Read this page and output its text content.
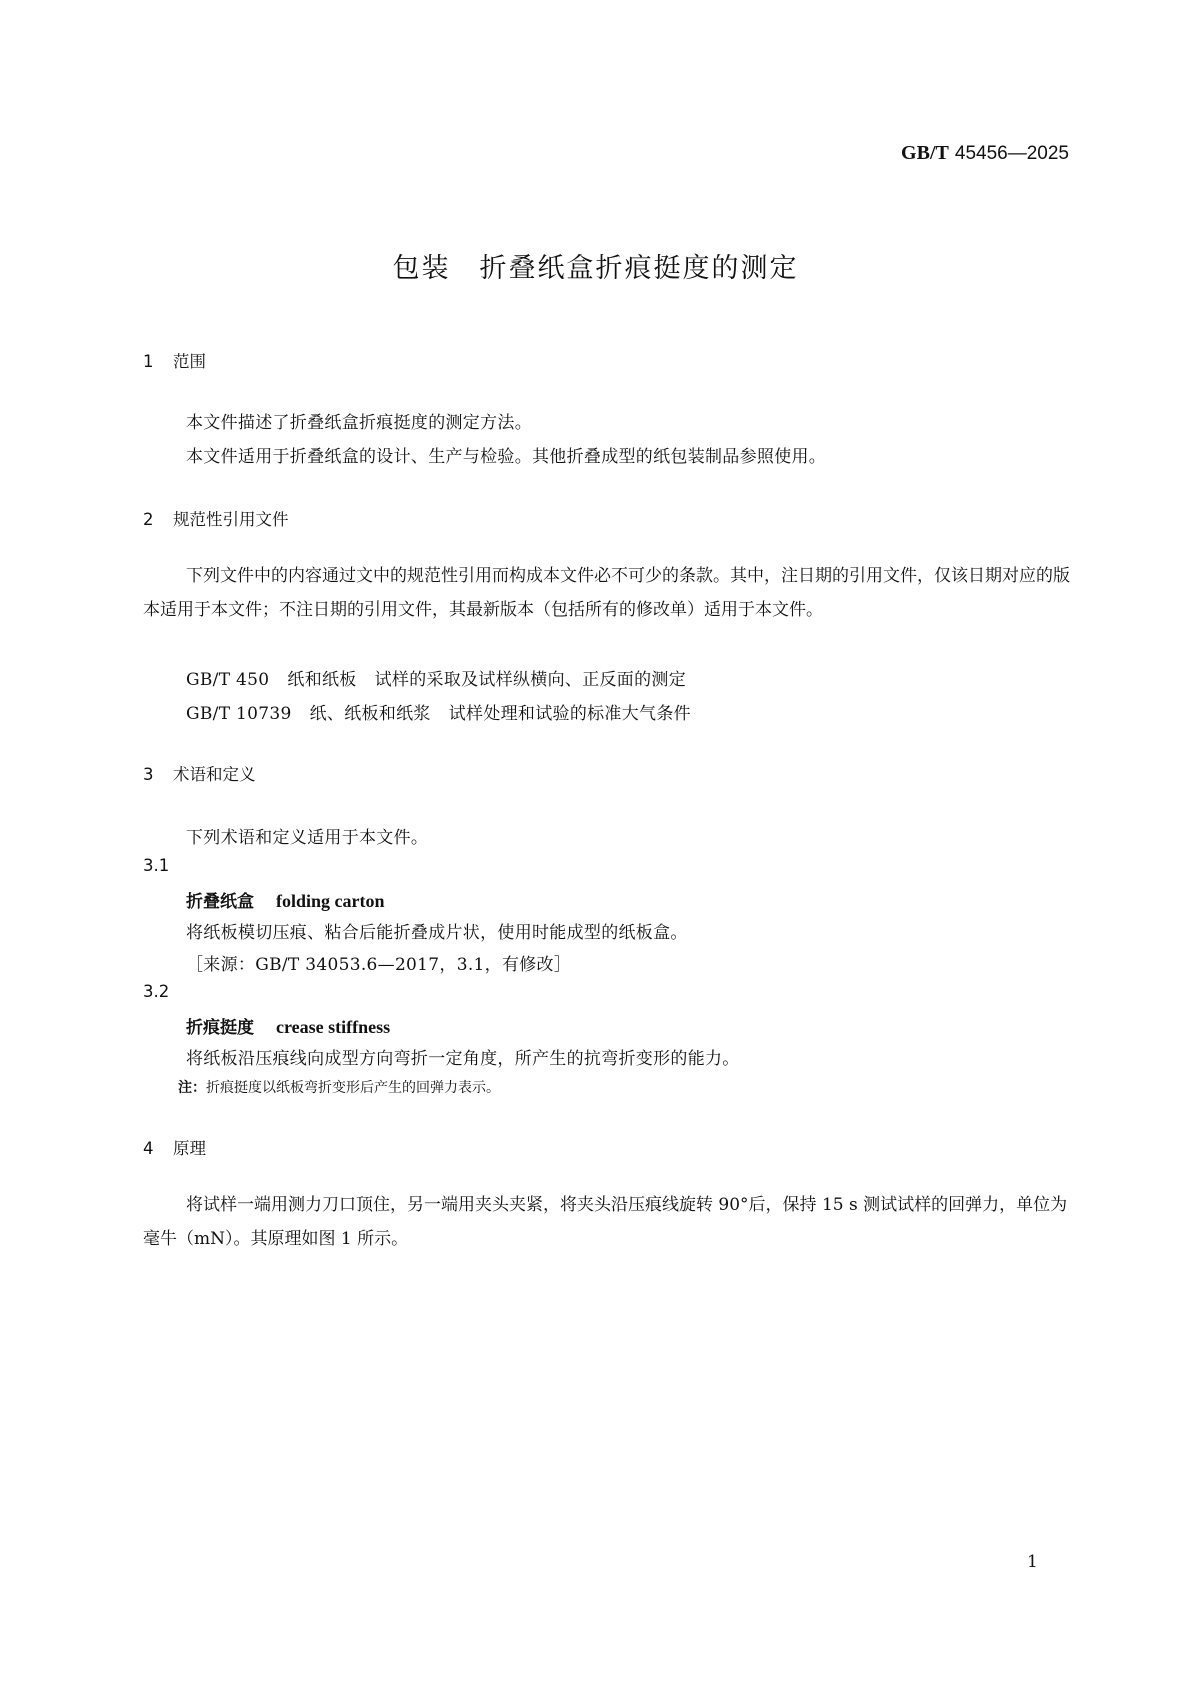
GB/T 45456—2025
包装　折叠纸盒折痕挺度的测定
1 范围
本文件描述了折叠纸盒折痕挺度的测定方法。
本文件适用于折叠纸盒的设计、生产与检验。其他折叠成型的纸包装制品参照使用。
2 规范性引用文件
下列文件中的内容通过文中的规范性引用而构成本文件必不可少的条款。其中，注日期的引用文件，仅该日期对应的版本适用于本文件；不注日期的引用文件，其最新版本（包括所有的修改单）适用于本文件。
GB/T 450 纸和纸板 试样的采取及试样纵横向、正反面的测定
GB/T 10739 纸、纸板和纸浆 试样处理和试验的标准大气条件
3 术语和定义
下列术语和定义适用于本文件。
3.1
折叠纸盒 folding carton
将纸板模切压痕、粘合后能折叠成片状，使用时能成型的纸板盒。
［来源：GB/T 34053.6—2017，3.1，有修改］
3.2
折痕挺度 crease stiffness
将纸板沿压痕线向成型方向弯折一定角度，所产生的抗弯折变形的能力。
注：折痕挺度以纸板弯折变形后产生的回弹力表示。
4 原理
将试样一端用测力刀口顶住，另一端用夹头夹紧，将夹头沿压痕线旋转 90°后，保持 15 s 测试试样的回弹力，单位为毫牛（mN）。其原理如图 1 所示。
1
